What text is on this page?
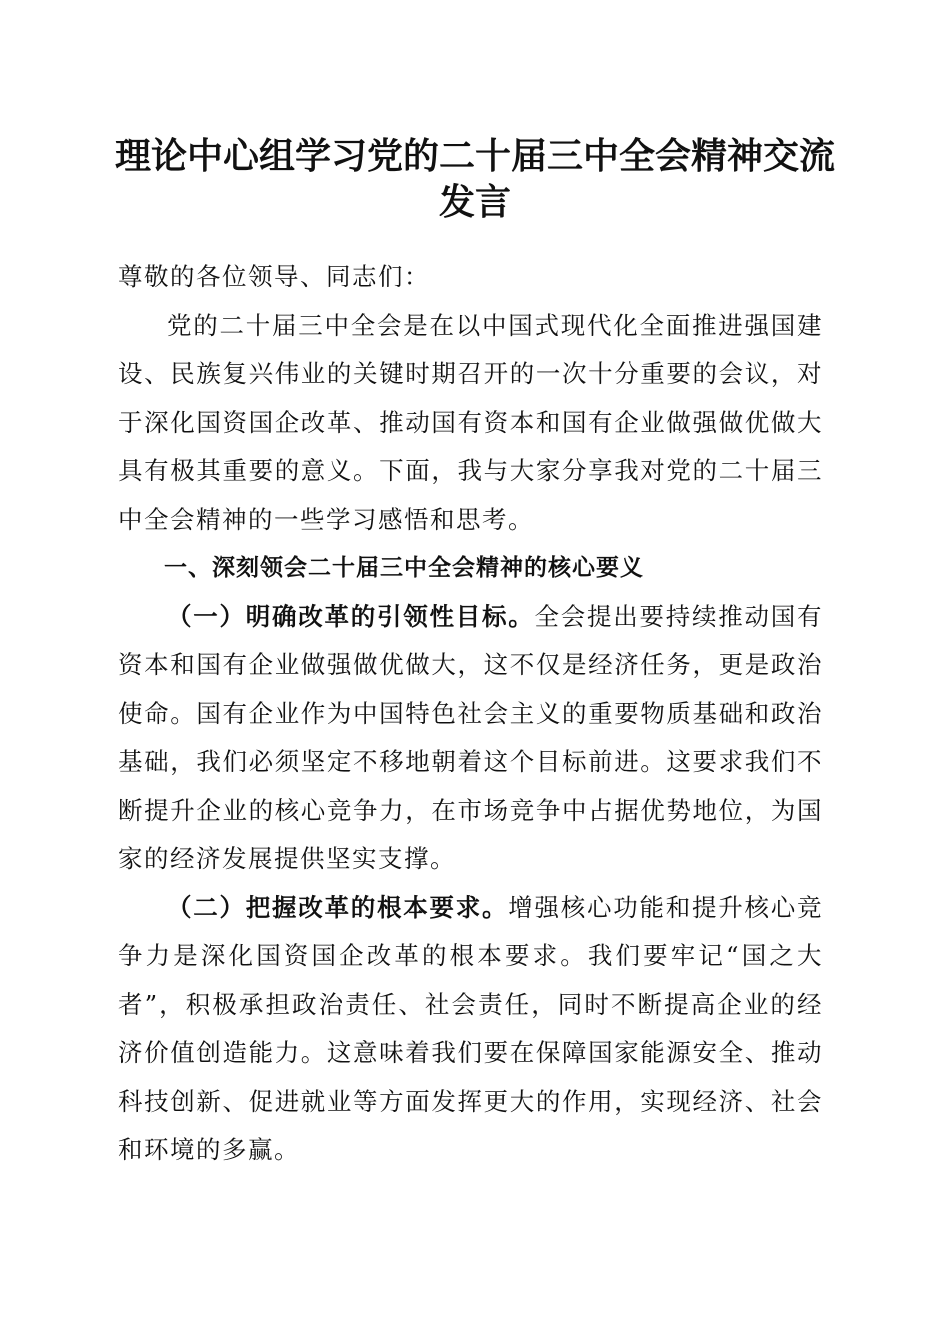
理论中心组学习党的二十届三中全会精神交流发言

尊敬的各位领导、同志们：

党的二十届三中全会是在以中国式现代化全面推进强国建设、民族复兴伟业的关键时期召开的一次十分重要的会议，对于深化国资国企改革、推动国有资本和国有企业做强做优做大具有极其重要的意义。下面，我与大家分享我对党的二十届三中全会精神的一些学习感悟和思考。

一、深刻领会二十届三中全会精神的核心要义

（一）明确改革的引领性目标。全会提出要持续推动国有资本和国有企业做强做优做大，这不仅是经济任务，更是政治使命。国有企业作为中国特色社会主义的重要物质基础和政治基础，我们必须坚定不移地朝着这个目标前进。这要求我们不断提升企业的核心竞争力，在市场竞争中占据优势地位，为国家的经济发展提供坚实支撑。

（二）把握改革的根本要求。增强核心功能和提升核心竞争力是深化国资国企改革的根本要求。我们要牢记“国之大者”，积极承担政治责任、社会责任，同时不断提高企业的经济价值创造能力。这意味着我们要在保障国家能源安全、推动科技创新、促进就业等方面发挥更大的作用，实现经济、社会和环境的多赢。
